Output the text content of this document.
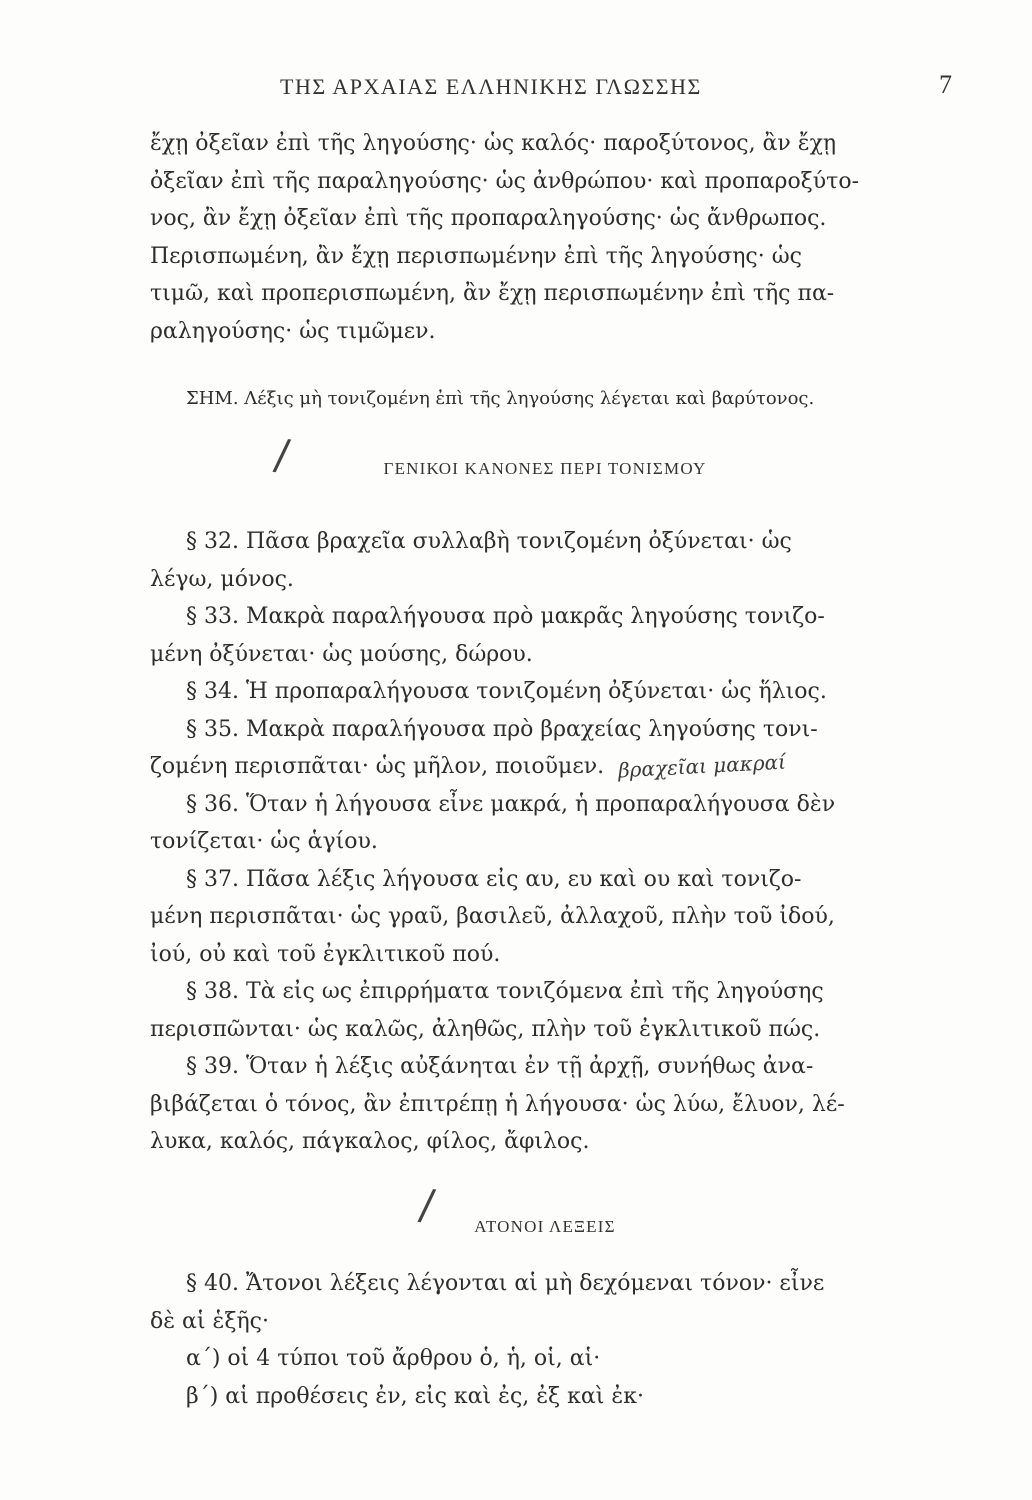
ΤΗΣ ΑΡΧΑΙΑΣ ΕΛΛΗΝΙΚΗΣ ΓΛΩΣΣΗΣ	7

ἔχῃ ὀξεῖαν ἐπὶ τῆς ληγούσης· ὡς καλός· παροξύτονος, ἂν ἔχῃ

ὀξεῖαν ἐπὶ τῆς παραληγούσης· ὡς ἀνθρώπου· καὶ προπαροξύτο-

νος, ἂν ἔχῃ ὀξεῖαν ἐπὶ τῆς προπαραληγούσης· ὡς ἄνθρωπος.

Περισπωμένη, ἂν ἔχῃ περισπωμένην ἐπὶ τῆς ληγούσης· ὡς

τιμῶ, καὶ προπερισπωμένη, ἂν ἔχῃ περισπωμένην ἐπὶ τῆς πα-

ραληγούσης· ὡς τιμῶμεν.

ΣΗΜ. Λέξις μὴ τονιζομένη ἐπὶ τῆς ληγούσης λέγεται καὶ βαρύτονος.

/	ΓΕΝΙΚΟΙ ΚΑΝΟΝΕΣ ΠΕΡΙ ΤΟΝΙΣΜΟΥ

§ 32. Πᾶσα βραχεῖα συλλαβὴ τονιζομένη ὀξύνεται· ὡς

λέγω, μόνος.

§ 33. Μακρὰ παραλήγουσα πρὸ μακρᾶς ληγούσης τονιζο-

μένη ὀξύνεται· ὡς μούσης, δώρου.

§ 34. Ἡ προπαραλήγουσα τονιζομένη ὀξύνεται· ὡς ἥλιος.

§ 35. Μακρὰ παραλήγουσα πρὸ βραχείας ληγούσης τονι-

ζομένη περισπᾶται· ὡς μῆλον, ποιοῦμεν. βραχεῖαι μακραί

§ 36. Ὅταν ἡ λήγουσα εἶνε μακρά, ἡ προπαραλήγουσα δὲν

τονίζεται· ὡς ἁγίου.

§ 37. Πᾶσα λέξις λήγουσα εἰς αυ, ευ καὶ ου καὶ τονιζο-

μένη περισπᾶται· ὡς γραῦ, βασιλεῦ, ἀλλαχοῦ, πλὴν τοῦ ἰδού,

ἰού, οὐ καὶ τοῦ ἐγκλιτικοῦ πού.

§ 38. Τὰ εἰς ως ἐπιρρήματα τονιζόμενα ἐπὶ τῆς ληγούσης

περισπῶνται· ὡς καλῶς, ἀληθῶς, πλὴν τοῦ ἐγκλιτικοῦ πώς.

§ 39. Ὅταν ἡ λέξις αὐξάνηται ἐν τῇ ἀρχῇ, συνήθως ἀνα-

βιβάζεται ὁ τόνος, ἂν ἐπιτρέπῃ ἡ λήγουσα· ὡς λύω, ἔλυον, λέ-

λυκα, καλός, πάγκαλος, φίλος, ἄφιλος.

/	ΑΤΟΝΟΙ ΛΕΞΕΙΣ

§ 40. Ἄτονοι λέξεις λέγονται αἱ μὴ δεχόμεναι τόνον· εἶνε

δὲ αἱ ἑξῆς·

α΄) οἱ 4 τύποι τοῦ ἄρθρου ὁ, ἡ, οἱ, αἱ·

β΄) αἱ προθέσεις ἐν, εἰς καὶ ἐς, ἐξ καὶ ἐκ·
